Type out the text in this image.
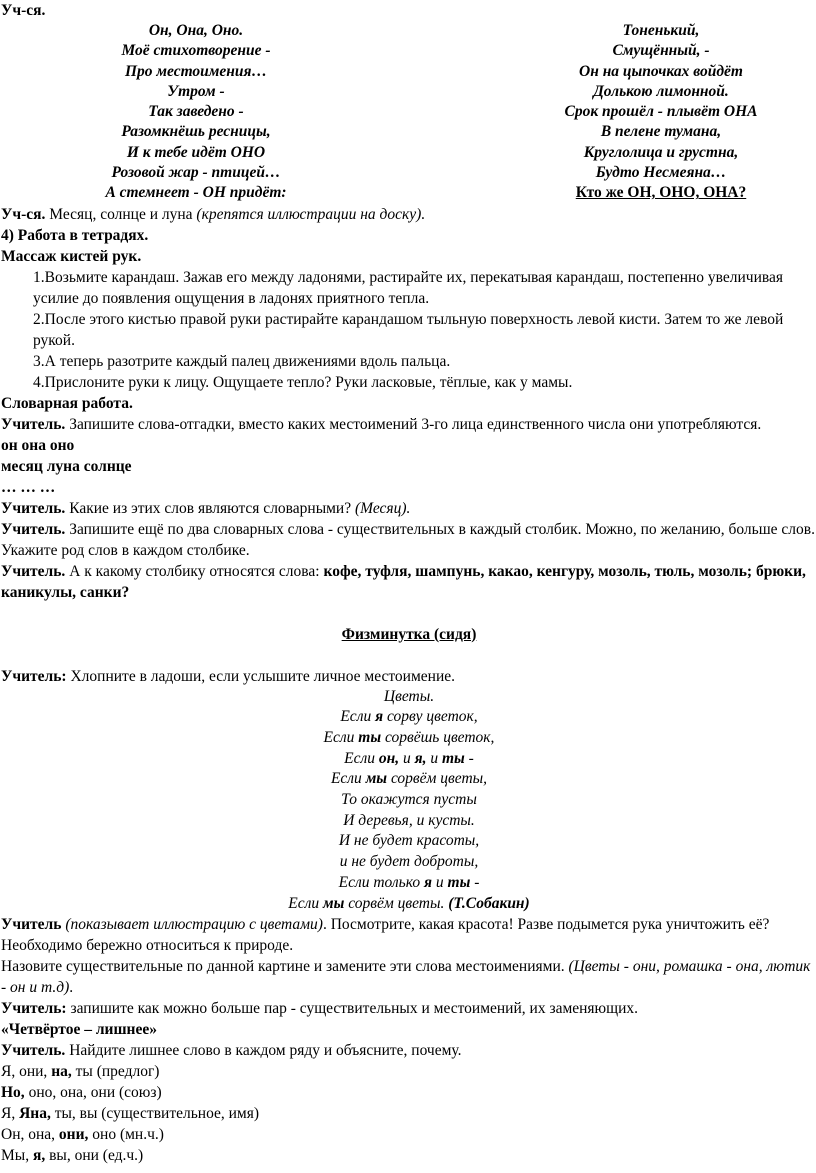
Уч-ся.
Он, Она, Оно.
Моё стихотворение -
Про местоимения…
Утром -
Так заведено -
Разомкнёшь ресницы,
И к тебе идёт ОНО
Розовой жар - птицей…
А стемнеет - ОН придёт:
Тоненький,
Смущённый, -
Он на цыпочках войдёт
Долькою лимонной.
Срок прошёл - плывёт ОНА
В пелене тумана,
Круглолица и грустна,
Будто Несмеяна…
Кто же ОН, ОНО, ОНА?
Уч-ся. Месяц, солнце и луна (крепятся иллюстрации на доску).
4) Работа в тетрадях.
Массаж кистей рук.
1.Возьмите карандаш. Зажав его между ладонями, растирайте их, перекатывая карандаш, постепенно увеличивая усилие до появления ощущения в ладонях приятного тепла.
2.После этого кистью правой руки растирайте карандашом тыльную поверхность левой кисти. Затем то же левой рукой.
3.А теперь разотрите каждый палец движениями вдоль пальца.
4.Прислоните руки к лицу. Ощущаете тепло? Руки ласковые, тёплые, как у мамы.
Словарная работа.
Учитель. Запишите слова-отгадки, вместо каких местоимений 3-го лица единственного числа они употребляются.
он она оно
месяц луна солнце
… … …
Учитель. Какие из этих слов являются словарными? (Месяц).
Учитель. Запишите ещё по два словарных слова - существительных в каждый столбик. Можно, по желанию, больше слов.
Укажите род слов в каждом столбике.
Учитель. А к какому столбику относятся слова: кофе, туфля, шампунь, какао, кенгуру, мозоль, тюль, мозоль; брюки, каникулы, санки?
Физминутка (сидя)
Учитель: Хлопните в ладоши, если услышите личное местоимение.
Цветы.
Если я сорву цветок,
Если ты сорвёшь цветок,
Если он, и я, и ты -
Если мы сорвём цветы,
То окажутся пусты
И деревья, и кусты.
И не будет красоты,
и не будет доброты,
Если только я и ты -
Если мы сорвём цветы. (Т.Собакин)
Учитель (показывает иллюстрацию с цветами). Посмотрите, какая красота! Разве подымется рука уничтожить её? Необходимо бережно относиться к природе.
Назовите существительные по данной картине и замените эти слова местоимениями. (Цветы - они, ромашка - она, лютик - он и т.д).
Учитель: запишите как можно больше пар - существительных и местоимений, их заменяющих.
«Четвёртое – лишнее»
Учитель. Найдите лишнее слово в каждом ряду и объясните, почему.
Я, они, на, ты (предлог)
Но, оно, она, они (союз)
Я, Яна, ты, вы (существительное, имя)
Он, она, они, оно (мн.ч.)
Мы, я, вы, они (ед.ч.)
